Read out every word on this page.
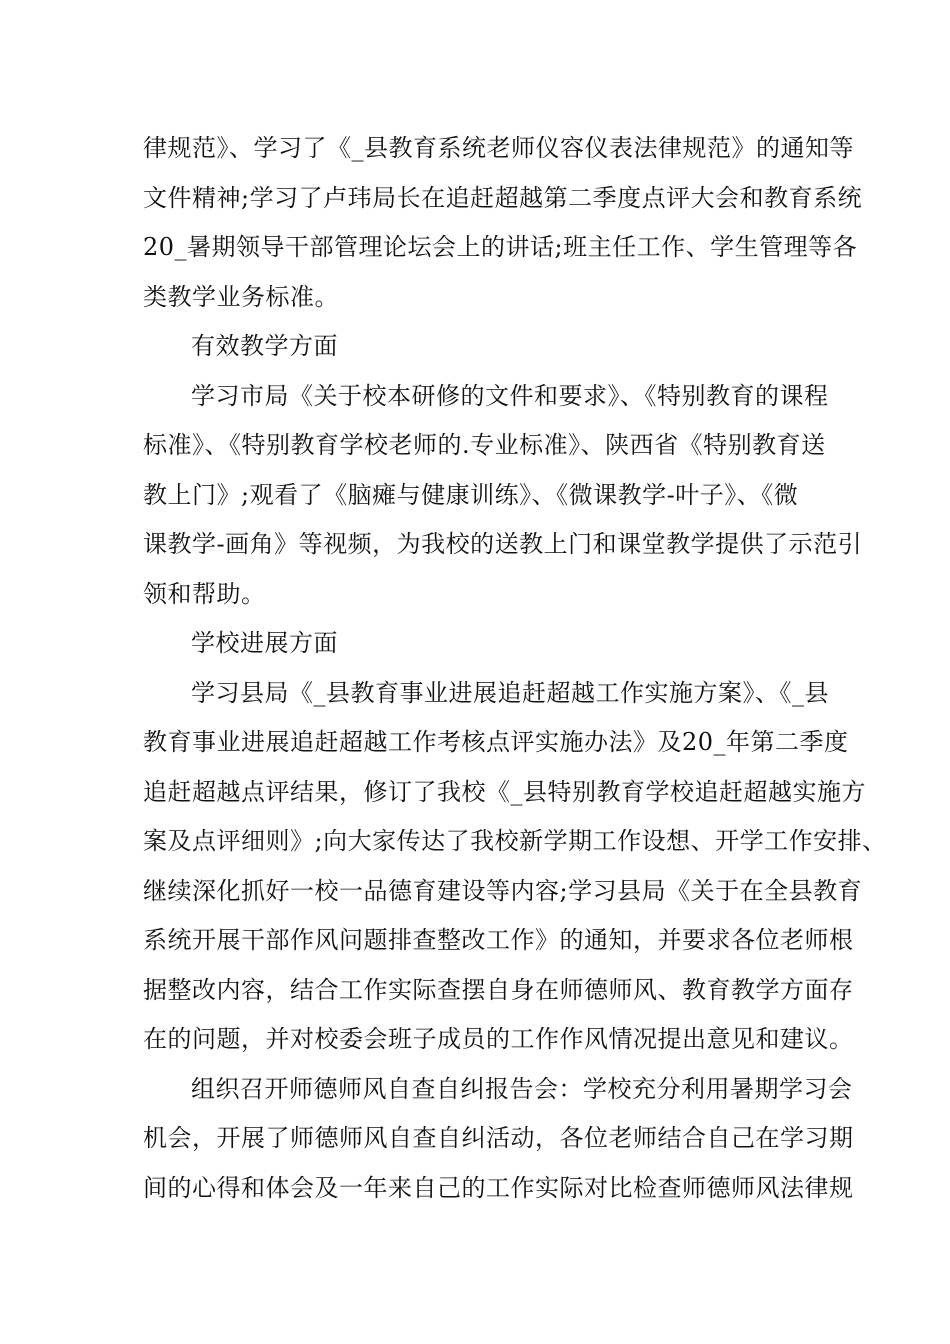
律规范》、学习了《_县教育系统老师仪容仪表法律规范》的通知等
文件精神;学习了卢玮局长在追赶超越第二季度点评大会和教育系统
20_暑期领导干部管理论坛会上的讲话;班主任工作、学生管理等各
类教学业务标准。
有效教学方面
学习市局《关于校本研修的文件和要求》、《特别教育的课程
标准》、《特别教育学校老师的.专业标准》、陕西省《特别教育送
教上门》;观看了《脑瘫与健康训练》、《微课教学-叶子》、《微
课教学-画角》等视频，为我校的送教上门和课堂教学提供了示范引
领和帮助。
学校进展方面
学习县局《_县教育事业进展追赶超越工作实施方案》、《_县
教育事业进展追赶超越工作考核点评实施办法》及20_年第二季度
追赶超越点评结果，修订了我校《_县特别教育学校追赶超越实施方
案及点评细则》;向大家传达了我校新学期工作设想、开学工作安排、
继续深化抓好一校一品德育建设等内容;学习县局《关于在全县教育
系统开展干部作风问题排查整改工作》的通知，并要求各位老师根
据整改内容，结合工作实际查摆自身在师德师风、教育教学方面存
在的问题，并对校委会班子成员的工作作风情况提出意见和建议。
组织召开师德师风自查自纠报告会：学校充分利用暑期学习会
机会，开展了师德师风自查自纠活动，各位老师结合自己在学习期
间的心得和体会及一年来自己的工作实际对比检查师德师风法律规
